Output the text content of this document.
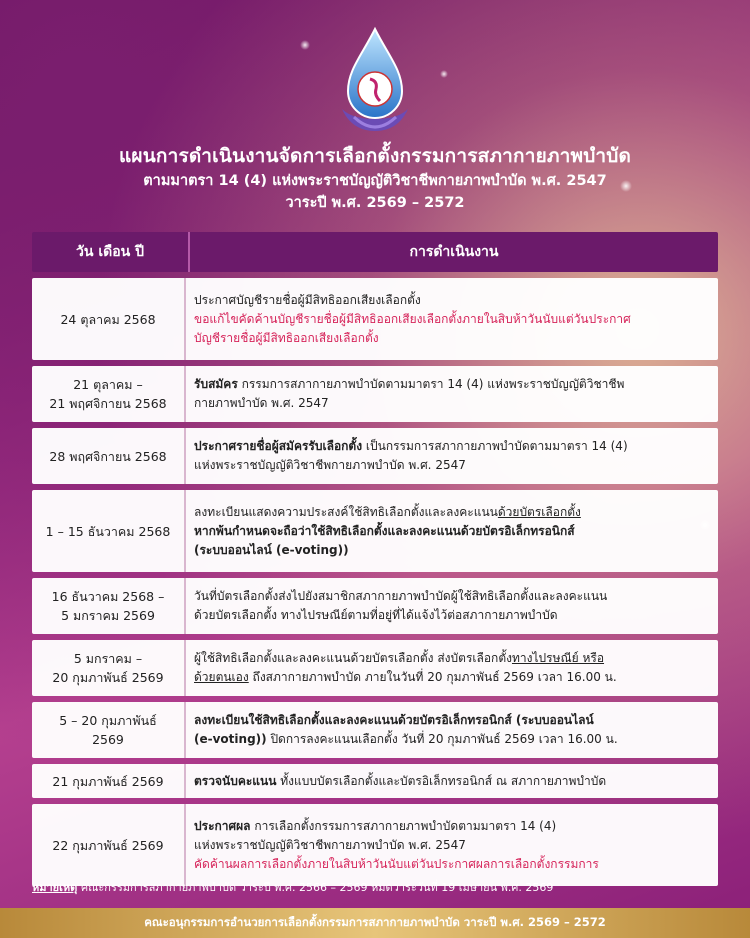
แผนการดำเนินงานจัดการเลือกตั้งกรรมการสภากายภาพบำบัด

ตามมาตรา 14 (4) แห่งพระราชบัญญัติวิชาชีพกายภาพบำบัด พ.ศ. 2547

วาระปี พ.ศ. 2569 – 2572

วัน เดือน ปี	การดำเนินงาน
24 ตุลาคม 2568
ประกาศบัญชีรายชื่อผู้มีสิทธิออกเสียงเลือกตั้ง
ขอแก้ไขคัดค้านบัญชีรายชื่อผู้มีสิทธิออกเสียงเลือกตั้งภายในสิบห้าวันนับแต่วันประกาศ
บัญชีรายชื่อผู้มีสิทธิออกเสียงเลือกตั้ง
21 ตุลาคม –
21 พฤศจิกายน 2568
รับสมัคร กรรมการสภากายภาพบำบัดตามมาตรา 14 (4) แห่งพระราชบัญญัติวิชาชีพ
กายภาพบำบัด พ.ศ. 2547
28 พฤศจิกายน 2568
ประกาศรายชื่อผู้สมัครรับเลือกตั้ง เป็นกรรมการสภากายภาพบำบัดตามมาตรา 14 (4)
แห่งพระราชบัญญัติวิชาชีพกายภาพบำบัด พ.ศ. 2547
1 – 15 ธันวาคม 2568
ลงทะเบียนแสดงความประสงค์ใช้สิทธิเลือกตั้งและลงคะแนนด้วยบัตรเลือกตั้ง
หากพ้นกำหนดจะถือว่าใช้สิทธิเลือกตั้งและลงคะแนนด้วยบัตรอิเล็กทรอนิกส์
(ระบบออนไลน์ (e-voting))
16 ธันวาคม 2568 –
5 มกราคม 2569
วันที่บัตรเลือกตั้งส่งไปยังสมาชิกสภากายภาพบำบัดผู้ใช้สิทธิเลือกตั้งและลงคะแนน
ด้วยบัตรเลือกตั้ง ทางไปรษณีย์ตามที่อยู่ที่ได้แจ้งไว้ต่อสภากายภาพบำบัด
5 มกราคม –
20 กุมภาพันธ์ 2569
ผู้ใช้สิทธิเลือกตั้งและลงคะแนนด้วยบัตรเลือกตั้ง ส่งบัตรเลือกตั้งทางไปรษณีย์ หรือ
ด้วยตนเอง ถึงสภากายภาพบำบัด ภายในวันที่ 20 กุมภาพันธ์ 2569 เวลา 16.00 น.
5 – 20 กุมภาพันธ์
2569
ลงทะเบียนใช้สิทธิเลือกตั้งและลงคะแนนด้วยบัตรอิเล็กทรอนิกส์ (ระบบออนไลน์
(e-voting)) ปิดการลงคะแนนเลือกตั้ง วันที่ 20 กุมภาพันธ์ 2569 เวลา 16.00 น.
21 กุมภาพันธ์ 2569	ตรวจนับคะแนน ทั้งแบบบัตรเลือกตั้งและบัตรอิเล็กทรอนิกส์ ณ สภากายภาพบำบัด
22 กุมภาพันธ์ 2569
ประกาศผล การเลือกตั้งกรรมการสภากายภาพบำบัดตามมาตรา 14 (4)
แห่งพระราชบัญญัติวิชาชีพกายภาพบำบัด พ.ศ. 2547
คัดค้านผลการเลือกตั้งภายในสิบห้าวันนับแต่วันประกาศผลการเลือกตั้งกรรมการ
หมายเหตุ คณะกรรมการสภากายภาพบำบัด วาระปี พ.ศ. 2566 – 2569 หมดวาระวันที่ 19 เมษายน พ.ศ. 2569
คณะอนุกรรมการอำนวยการเลือกตั้งกรรมการสภากายภาพบำบัด วาระปี พ.ศ. 2569 – 2572
